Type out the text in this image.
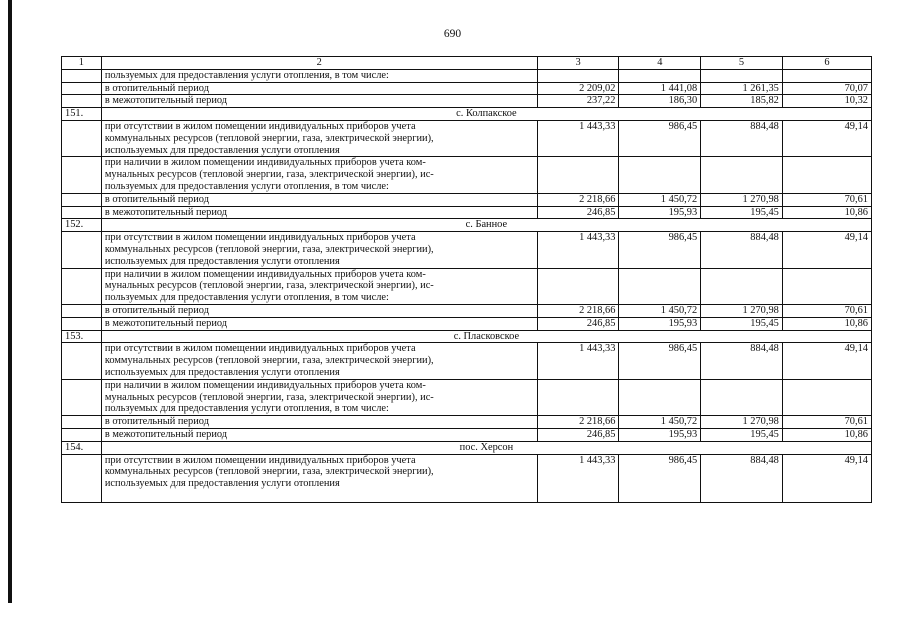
690
1	2	3	4	5	6
	пользуемых для предоставления услуги отопления, в том числе:				
	в отопительный период	2 209,02	1 441,08	1 261,35	70,07
	в межотопительный период	237,22	186,30	185,82	10,32
151.	с. Колпакское				

	при отсутствии в жилом помещении индивидуальных приборов учета
коммунальных ресурсов (тепловой энергии, газа, электрической энергии),
используемых для предоставления услуги отопления	1 443,33	986,45	884,48	49,14

	при наличии в жилом помещении индивидуальных приборов учета ком-
мунальных ресурсов (тепловой энергии, газа, электрической энергии), ис-
пользуемых для предоставления услуги отопления, в том числе:				

	в отопительный период	2 218,66	1 450,72	1 270,98	70,61
	в межотопительный период	246,85	195,93	195,45	10,86
152.	с. Банное				

	при отсутствии в жилом помещении индивидуальных приборов учета
коммунальных ресурсов (тепловой энергии, газа, электрической энергии),
используемых для предоставления услуги отопления	1 443,33	986,45	884,48	49,14

	при наличии в жилом помещении индивидуальных приборов учета ком-
мунальных ресурсов (тепловой энергии, газа, электрической энергии), ис-
пользуемых для предоставления услуги отопления, в том числе:				

	в отопительный период	2 218,66	1 450,72	1 270,98	70,61
	в межотопительный период	246,85	195,93	195,45	10,86
153.	с. Пласковское				

	при отсутствии в жилом помещении индивидуальных приборов учета
коммунальных ресурсов (тепловой энергии, газа, электрической энергии),
используемых для предоставления услуги отопления	1 443,33	986,45	884,48	49,14

	при наличии в жилом помещении индивидуальных приборов учета ком-
мунальных ресурсов (тепловой энергии, газа, электрической энергии), ис-
пользуемых для предоставления услуги отопления, в том числе:				

	в отопительный период	2 218,66	1 450,72	1 270,98	70,61
	в межотопительный период	246,85	195,93	195,45	10,86
154.	пос. Херсон				

	при отсутствии в жилом помещении индивидуальных приборов учета
коммунальных ресурсов (тепловой энергии, газа, электрической энергии),
используемых для предоставления услуги отопления	1 443,33	986,45	884,48	49,14
